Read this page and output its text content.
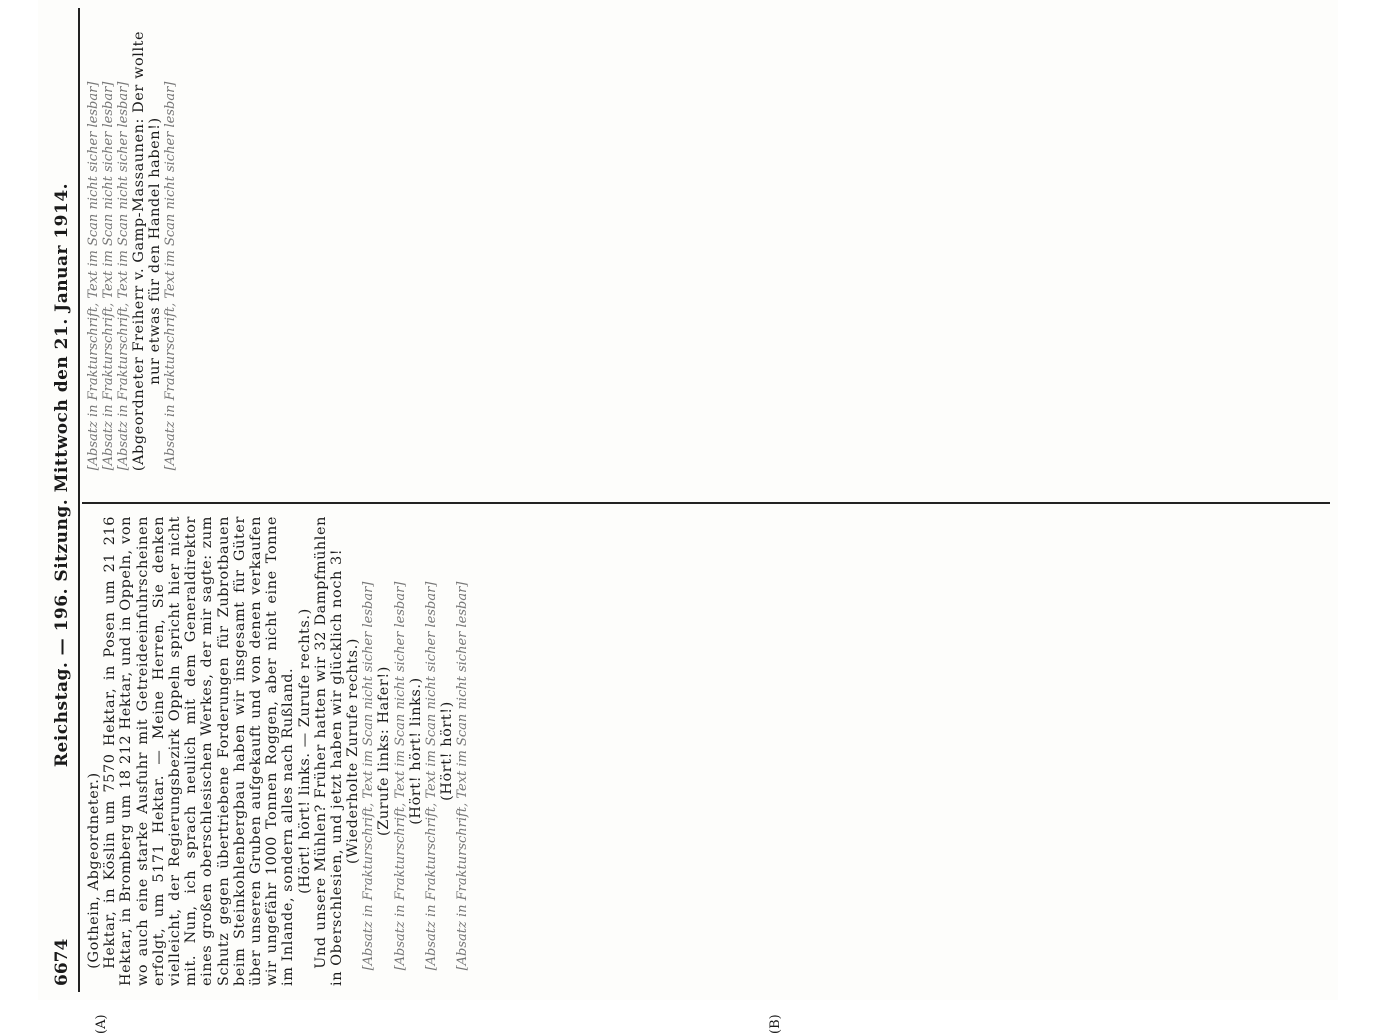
6674
Reichstag. — 196. Sitzung. Mittwoch den 21. Januar 1914.
(A)	(B)

(Gothein, Abgeordneter.) Hektar, in Köslin um 7570 Hektar, in Posen um 21 216 Hektar, in Bromberg um 18 212 Hektar, und in Oppeln, von wo auch eine starke Ausfuhr mit Getreideeinfuhrscheinen erfolgt, um 5171 Hektar. — Meine Herren, Sie denken vielleicht, der Regierungsbezirk Oppeln spricht hier nicht mit. Nun, ich sprach neulich mit dem Generaldirektor eines großen oberschlesischen Werkes, der mir sagte: zum Schutz gegen übertriebene Forderungen für Zubrotbauen beim Steinkohlenbergbau haben wir insgesamt für Güter über unseren Gruben aufgekauft und von denen verkaufen wir ungefähr 1000 Tonnen Roggen, aber nicht eine Tonne im Inlande, sondern alles nach Rußland. (Hört! hört! links. — Zurufe rechts.) Und unsere Mühlen? Früher hatten wir 32 Dampfmühlen in Oberschlesien, und jetzt haben wir glücklich noch 3! (Wiederholte Zurufe rechts.) [Absatz in Frakturschrift, Text im Scan nicht sicher lesbar] (Zurufe links: Hafer!) [Absatz in Frakturschrift, Text im Scan nicht sicher lesbar] (Hört! hört! links.) [Absatz in Frakturschrift, Text im Scan nicht sicher lesbar] (Hört! hört!) [Absatz in Frakturschrift, Text im Scan nicht sicher lesbar]

[Absatz in Frakturschrift, Text im Scan nicht sicher lesbar] [Absatz in Frakturschrift, Text im Scan nicht sicher lesbar] [Absatz in Frakturschrift, Text im Scan nicht sicher lesbar] (Abgeordneter Freiherr v. Gamp-Massaunen: Der wollte nur etwas für den Handel haben!) [Absatz in Frakturschrift, Text im Scan nicht sicher lesbar]
